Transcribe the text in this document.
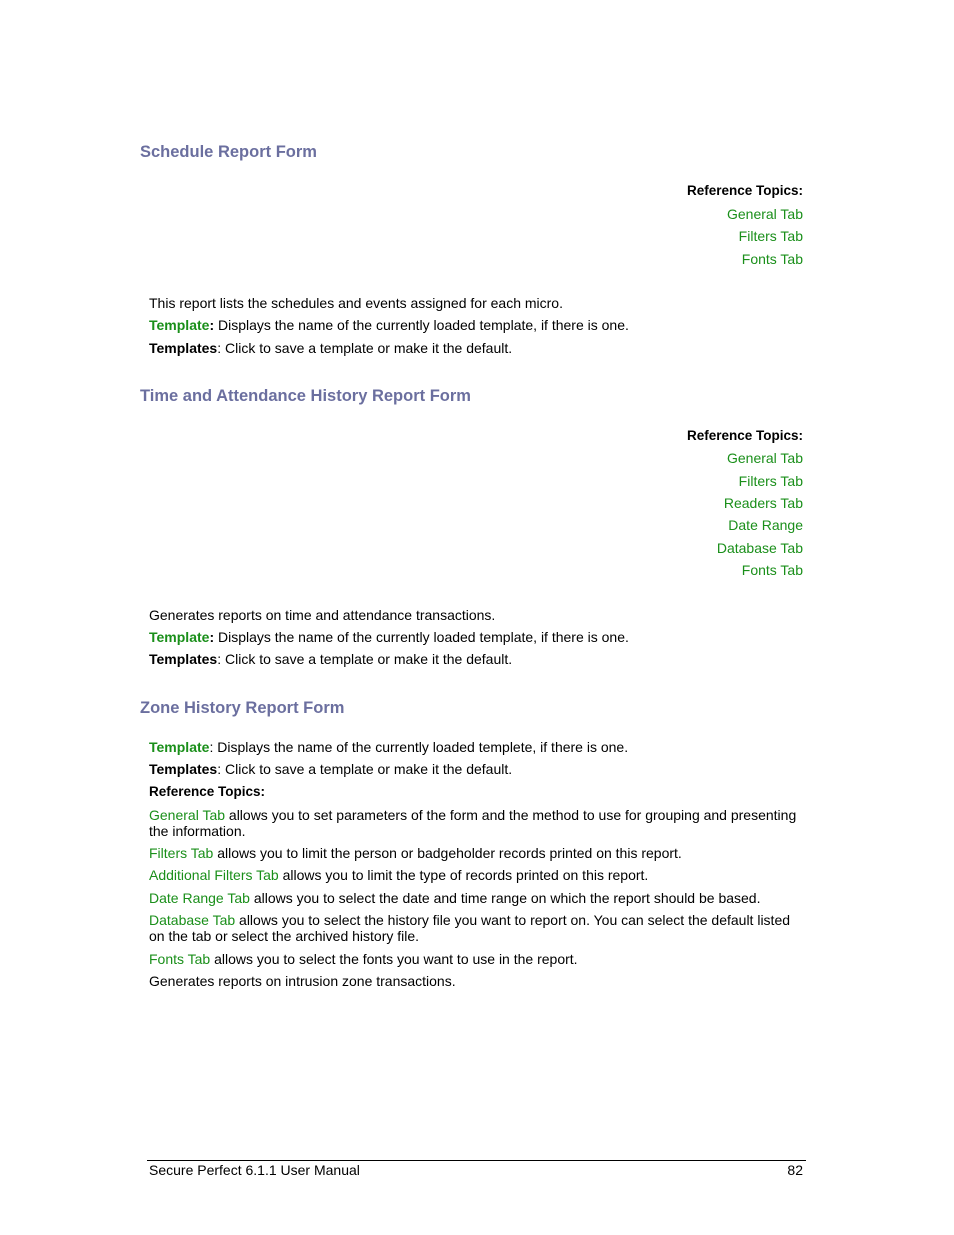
Schedule Report Form
Reference Topics:
General Tab
Filters Tab
Fonts Tab
This report lists the schedules and events assigned for each micro.
Template: Displays the name of the currently loaded template, if there is one.
Templates: Click to save a template or make it the default.
Time and Attendance History Report Form
Reference Topics:
General Tab
Filters Tab
Readers Tab
Date Range
Database Tab
Fonts Tab
Generates reports on time and attendance transactions.
Template: Displays the name of the currently loaded template, if there is one.
Templates: Click to save a template or make it the default.
Zone History Report Form
Template: Displays the name of the currently loaded templete, if there is one.
Templates: Click to save a template or make it the default.
Reference Topics:
General Tab allows you to set parameters of the form and the method to use for grouping and presenting the information.
Filters Tab allows you to limit the person or badgeholder records printed on this report.
Additional Filters Tab allows you to limit the type of records printed on this report.
Date Range Tab allows you to select the date and time range on which the report should be based.
Database Tab allows you to select the history file you want to report on. You can select the default listed on the tab or select the archived history file.
Fonts Tab allows you to select the fonts you want to use in the report.
Generates reports on intrusion zone transactions.
Secure Perfect 6.1.1 User Manual	82
